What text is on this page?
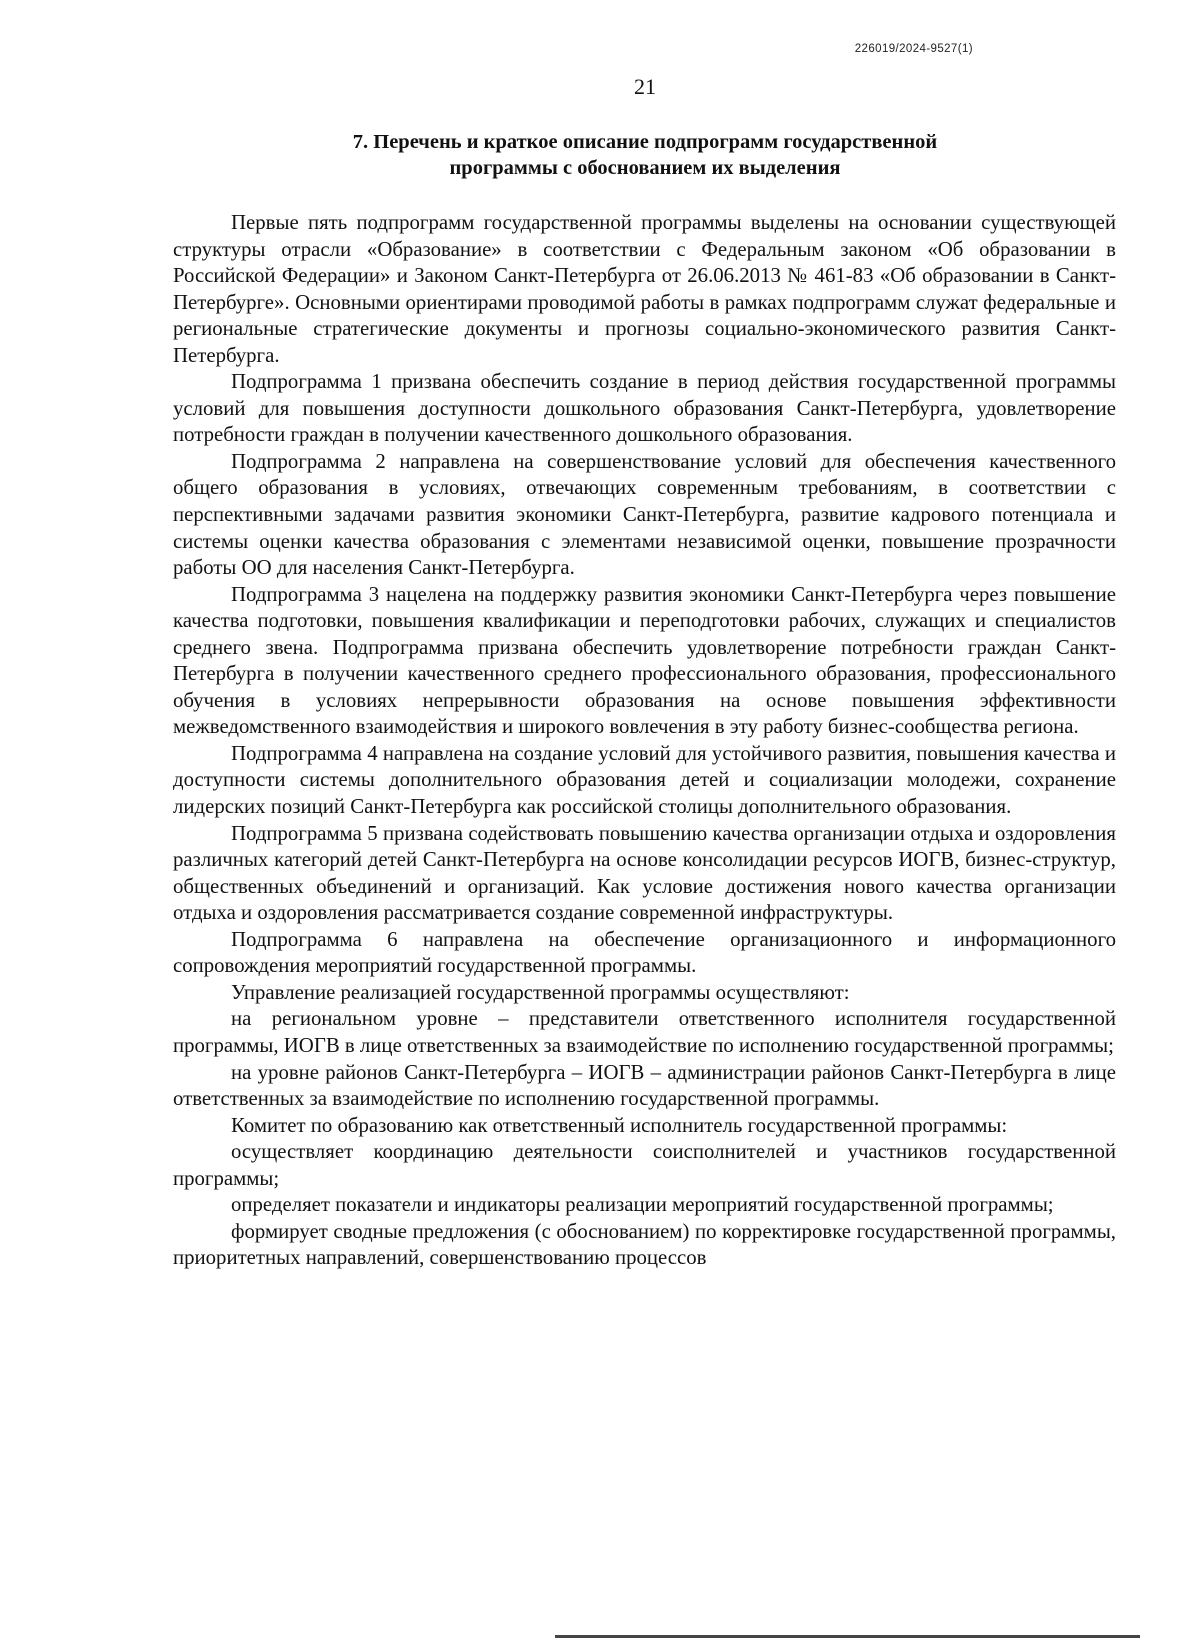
226019/2024-9527(1)
21
7. Перечень и краткое описание подпрограмм государственной
программы с обоснованием их выделения

Первые пять подпрограмм государственной программы выделены на основании существующей структуры отрасли «Образование» в соответствии с Федеральным законом «Об образовании в Российской Федерации» и Законом Санкт-Петербурга от 26.06.2013 № 461-83 «Об образовании в Санкт-Петербурге». Основными ориентирами проводимой работы в рамках подпрограмм служат федеральные и региональные стратегические документы и прогнозы социально-экономического развития Санкт-Петербурга.

Подпрограмма 1 призвана обеспечить создание в период действия государственной программы условий для повышения доступности дошкольного образования Санкт-Петербурга, удовлетворение потребности граждан в получении качественного дошкольного образования.

Подпрограмма 2 направлена на совершенствование условий для обеспечения качественного общего образования в условиях, отвечающих современным требованиям, в соответствии с перспективными задачами развития экономики Санкт-Петербурга, развитие кадрового потенциала и системы оценки качества образования с элементами независимой оценки, повышение прозрачности работы ОО для населения Санкт-Петербурга.

Подпрограмма 3 нацелена на поддержку развития экономики Санкт-Петербурга через повышение качества подготовки, повышения квалификации и переподготовки рабочих, служащих и специалистов среднего звена. Подпрограмма призвана обеспечить удовлетворение потребности граждан Санкт-Петербурга в получении качественного среднего профессионального образования, профессионального обучения в условиях непрерывности образования на основе повышения эффективности межведомственного взаимодействия и широкого вовлечения в эту работу бизнес-сообщества региона.

Подпрограмма 4 направлена на создание условий для устойчивого развития, повышения качества и доступности системы дополнительного образования детей и социализации молодежи, сохранение лидерских позиций Санкт-Петербурга как российской столицы дополнительного образования.

Подпрограмма 5 призвана содействовать повышению качества организации отдыха и оздоровления различных категорий детей Санкт-Петербурга на основе консолидации ресурсов ИОГВ, бизнес-структур, общественных объединений и организаций. Как условие достижения нового качества организации отдыха и оздоровления рассматривается создание современной инфраструктуры.

Подпрограмма 6 направлена на обеспечение организационного и информационного сопровождения мероприятий государственной программы.

Управление реализацией государственной программы осуществляют:

на региональном уровне – представители ответственного исполнителя государственной программы, ИОГВ в лице ответственных за взаимодействие по исполнению государственной программы;

на уровне районов Санкт-Петербурга – ИОГВ – администрации районов Санкт-Петербурга в лице ответственных за взаимодействие по исполнению государственной программы.

Комитет по образованию как ответственный исполнитель государственной программы:

осуществляет координацию деятельности соисполнителей и участников государственной программы;

определяет показатели и индикаторы реализации мероприятий государственной программы;

формирует сводные предложения (с обоснованием) по корректировке государственной программы, приоритетных направлений, совершенствованию процессов
